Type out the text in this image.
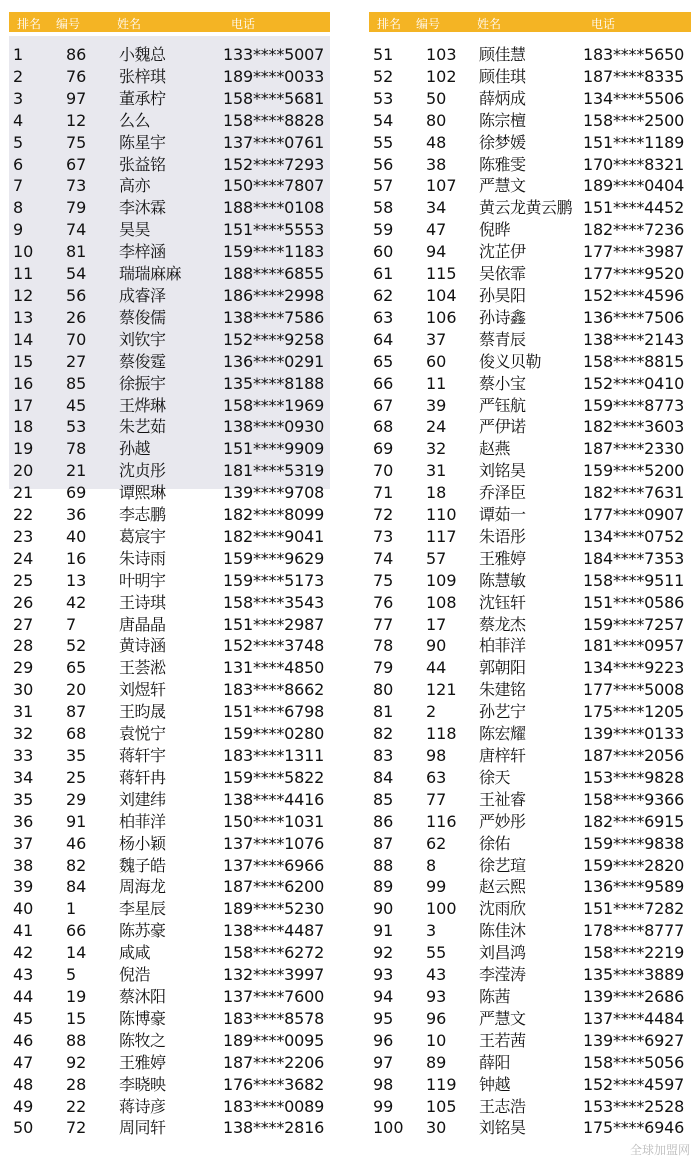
排名 编号	姓名	电话
1	86 小魏总	133****5007
2	76 张梓琪	189****0033
3	97 董承柠	158****5681
4	12 么么	158****8828
5	75 陈星宇	137****0761
6	67 张益铭	152****7293
7	73 高亦	150****7807
8	79 李沐霖	188****0108
9	74 昊昊	151****5553
10 81 李梓涵	159****1183
11 54 瑞瑞麻麻	188****6855
12 56 成睿泽	186****2998
13 26 蔡俊儒	138****7586
14 70 刘钦宇	152****9258
15 27 蔡俊霆	136****0291
16 85 徐振宇	135****8188
17 45 王烨琳	158****1969
18 53 朱艺茹	138****0930
19 78 孙越	151****9909
20 21 沈贞彤	181****5319
21 69 谭熙琳	139****9708
22 36 李志鹏	182****8099
23 40 葛宸宇	182****9041
24 16 朱诗雨	159****9629
25 13 叶明宇	159****5173
26 42 王诗琪	158****3543
27 7	唐晶晶	151****2987
28 52 黄诗涵	152****3748
29 65 王荟淞	131****4850
30 20 刘煜轩	183****8662
31 87 王昀晟	151****6798
32 68 袁悦宁	159****0280
33 35 蒋轩宇	183****1311
34 25 蒋轩冉	159****5822
35 29 刘建纬	138****4416
36 91 柏菲洋	150****1031
37 46 杨小颖	137****1076
38 82 魏子皓	137****6966
39 84 周海龙	187****6200
40 1	李星辰	189****5230
41 66 陈苏豪	138****4487
42 14 咸咸	158****6272
43 5	倪浩	132****3997
44 19 蔡沐阳	137****7600
45 15 陈博豪	183****8578
46 88 陈牧之	189****0095
47 92 王雅婷	187****2206
48 28 李晓映	176****3682
49 22 蒋诗彦	183****0089
50 72 周同轩	138****2816
排名 编号	姓名	电话
51 103 顾佳慧	183****5650
52 102 顾佳琪	187****8335
53 50 薛炳成	134****5506
54 80 陈宗檀	158****2500
55 48 徐梦媛	151****1189
56 38 陈雅雯	170****8321
57 107 严慧文	189****0404
58 34 黄云龙黄云鹏 151****4452
59 47 倪晔	182****7236
60 94 沈芷伊	177****3987
61 115 吴依霏	177****9520
62 104 孙昊阳	152****4596
63 106 孙诗鑫	136****7506
64 37 蔡青辰	138****2143
65 60 俊义贝勒	158****8815
66 11 蔡小宝	152****0410
67 39 严钰航	159****8773
68 24 严伊诺	182****3603
69 32 赵燕	187****2330
70 31 刘铭昊	159****5200
71 18 乔泽臣	182****7631
72 110 谭茹一	177****0907
73 117 朱语彤	134****0752
74 57 王雅婷	184****7353
75 109 陈慧敏	158****9511
76 108 沈钰轩	151****0586
77 17 蔡龙杰	159****7257
78 90 柏菲洋	181****0957
79 44 郭朝阳	134****9223
80 121 朱建铭	177****5008
81 2	孙艺宁	175****1205
82 118 陈宏耀	139****0133
83 98 唐梓轩	187****2056
84 63 徐天	153****9828
85 77 王祉睿	158****9366
86 116 严妙彤	182****6915
87 62 徐佑	159****9838
88 8	徐艺瑄	159****2820
89 99 赵云熙	136****9589
90 100 沈雨欣	151****7282
91 3	陈佳沐	178****8777
92 55 刘昌鸿	158****2219
93 43 李滢涛	135****3889
94 93 陈茜	139****2686
95 96 严慧文	137****4484
96 10 王若茜	139****6927
97 89 薛阳	158****5056
98 119 钟越	152****4597
99 105 王志浩	153****2528
100 30 刘铭昊	175****6946
全球加盟网
